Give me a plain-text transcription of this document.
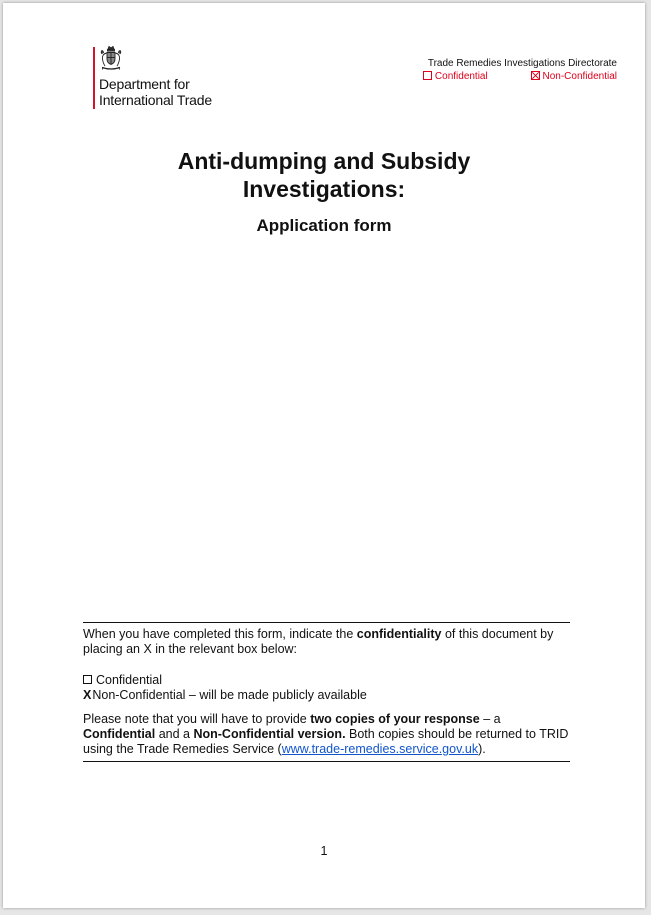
Department for
International Trade
Trade Remedies Investigations Directorate
Confidential	Non-Confidential
Anti-dumping and Subsidy
Investigations:
Application form

When you have completed this form, indicate the confidentiality of this document by placing an X in the relevant box below:

Confidential
XNon-Confidential – will be made publicly available

Please note that you will have to provide two copies of your response – a Confidential and a Non-Confidential version. Both copies should be returned to TRID using the Trade Remedies Service (www.trade-remedies.service.gov.uk).

1
